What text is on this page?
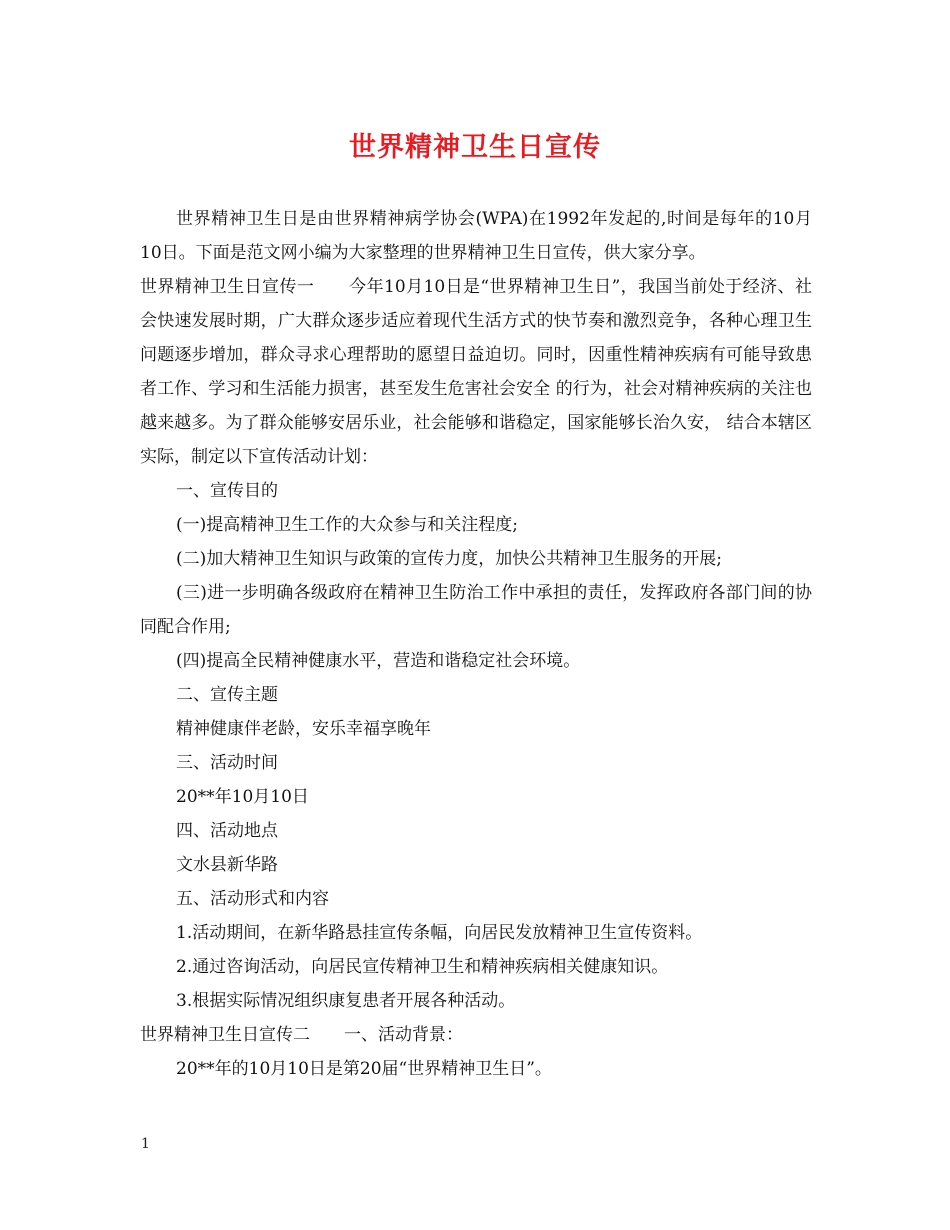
世界精神卫生日宣传

世界精神卫生日是由世界精神病学协会(WPA)在1992年发起的,时间是每年的10月10日。下面是范文网小编为大家整理的世界精神卫生日宣传，供大家分享。

世界精神卫生日宣传一　　今年10月10日是“世界精神卫生日”，我国当前处于经济、社会快速发展时期，广大群众逐步适应着现代生活方式的快节奏和激烈竞争，各种心理卫生问题逐步增加，群众寻求心理帮助的愿望日益迫切。同时，因重性精神疾病有可能导致患者工作、学习和生活能力损害，甚至发生危害社会安全 的行为，社会对精神疾病的关注也越来越多。为了群众能够安居乐业，社会能够和谐稳定，国家能够长治久安， 结合本辖区实际，制定以下宣传活动计划：

一、宣传目的

(一)提高精神卫生工作的大众参与和关注程度;

(二)加大精神卫生知识与政策的宣传力度，加快公共精神卫生服务的开展;

(三)进一步明确各级政府在精神卫生防治工作中承担的责任，发挥政府各部门间的协同配合作用;

(四)提高全民精神健康水平，营造和谐稳定社会环境。

二、宣传主题

精神健康伴老龄，安乐幸福享晚年

三、活动时间

20**年10月10日

四、活动地点

文水县新华路

五、活动形式和内容

1.活动期间，在新华路悬挂宣传条幅，向居民发放精神卫生宣传资料。

2.通过咨询活动，向居民宣传精神卫生和精神疾病相关健康知识。

3.根据实际情况组织康复患者开展各种活动。

世界精神卫生日宣传二　　一、活动背景：

20**年的10月10日是第20届“世界精神卫生日”。

1
